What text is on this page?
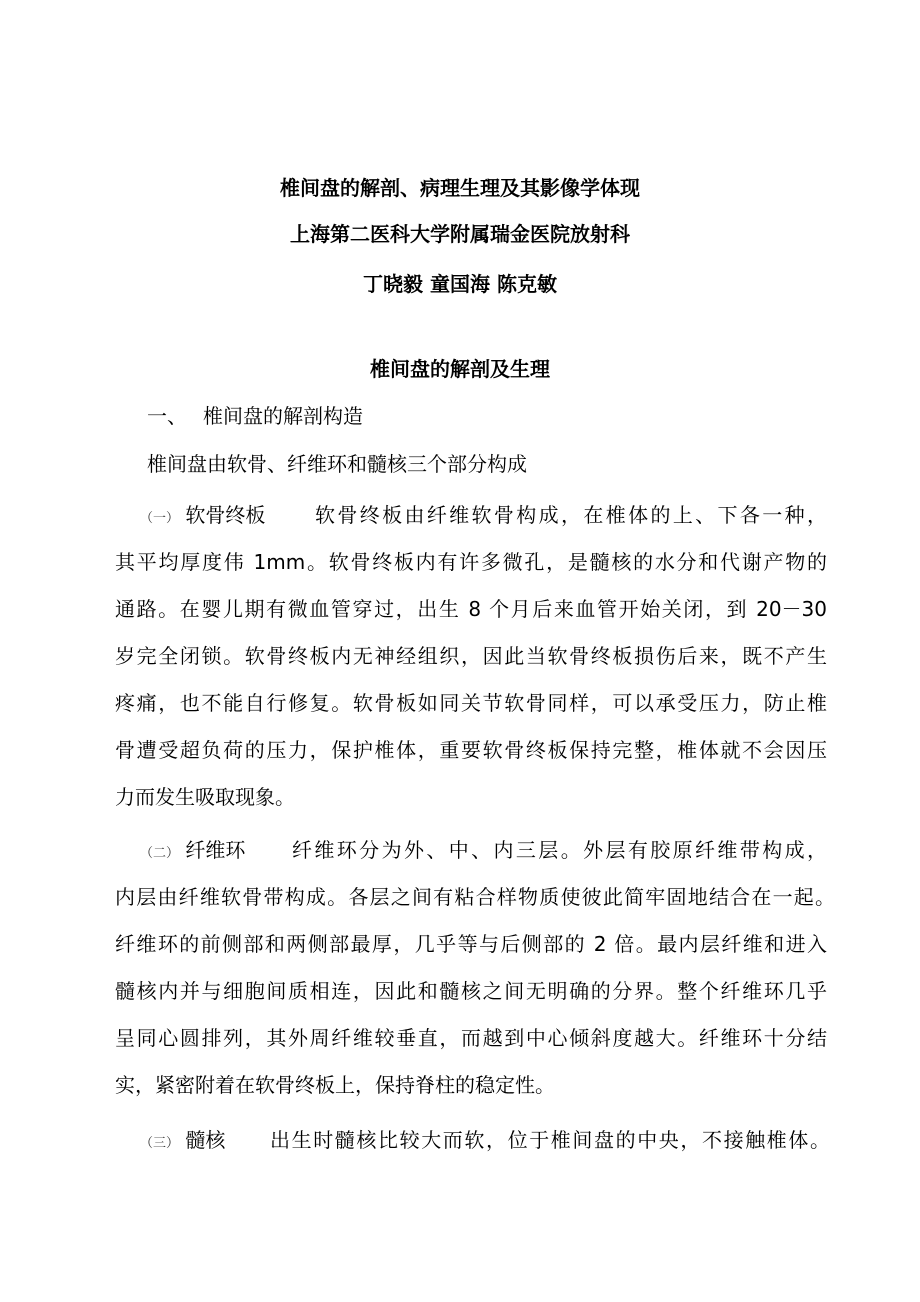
椎间盘的解剖、病理生理及其影像学体现
上海第二医科大学附属瑞金医院放射科
丁晓毅 童国海 陈克敏
椎间盘的解剖及生理
一、 椎间盘的解剖构造
椎间盘由软骨、纤维环和髓核三个部分构成
（一） 软骨终板 软骨终板由纤维软骨构成，在椎体的上、下各一种，
其平均厚度伟 1mm。软骨终板内有许多微孔，是髓核的水分和代谢产物的
通路。在婴儿期有微血管穿过，出生 8 个月后来血管开始关闭，到 20－30
岁完全闭锁。软骨终板内无神经组织，因此当软骨终板损伤后来，既不产生
疼痛，也不能自行修复。软骨板如同关节软骨同样，可以承受压力，防止椎
骨遭受超负荷的压力，保护椎体，重要软骨终板保持完整，椎体就不会因压
力而发生吸取现象。
（二） 纤维环 纤维环分为外、中、内三层。外层有胶原纤维带构成，
内层由纤维软骨带构成。各层之间有粘合样物质使彼此简牢固地结合在一起。
纤维环的前侧部和两侧部最厚，几乎等与后侧部的 2 倍。最内层纤维和进入
髓核内并与细胞间质相连，因此和髓核之间无明确的分界。整个纤维环几乎
呈同心圆排列，其外周纤维较垂直，而越到中心倾斜度越大。纤维环十分结
实，紧密附着在软骨终板上，保持脊柱的稳定性。
（三） 髓核 出生时髓核比较大而软，位于椎间盘的中央，不接触椎体。
